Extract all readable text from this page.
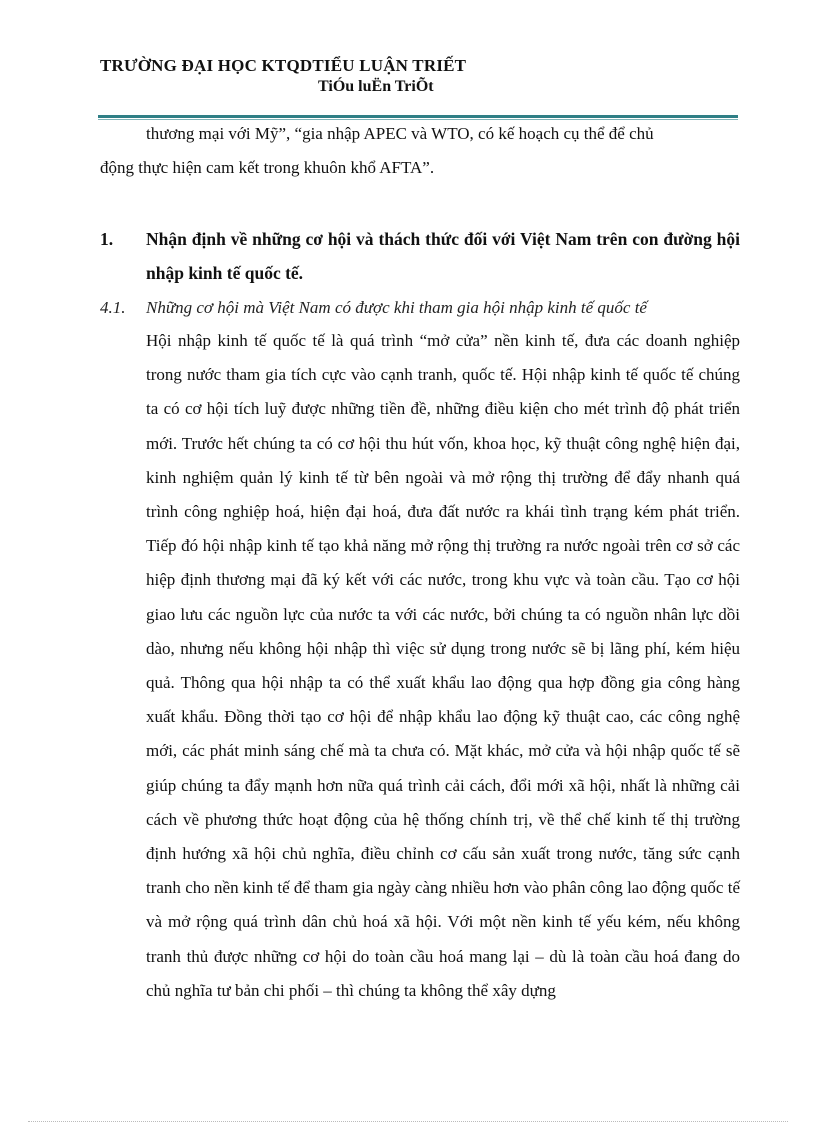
TRƯỜNG ĐẠI HỌC KTQDTIỂU LUẬN TRIẾT
TiÓu luËn TriÕt
thương mại với Mỹ”, “gia nhập APEC và WTO, có kế hoạch cụ thể để chủ
động thực hiện cam kết trong khuôn khổ AFTA”.
1. Nhận định về những cơ hội và thách thức đối với Việt Nam trên con đường hội nhập kinh tế quốc tế.
4.1. Những cơ hội mà Việt Nam có được khi tham gia hội nhập kinh tế quốc tế
Hội nhập kinh tế quốc tế là quá trình “mở cửa” nền kinh tế, đưa các doanh nghiệp trong nước tham gia tích cực vào cạnh tranh, quốc tế. Hội nhập kinh tế quốc tế chúng ta có cơ hội tích luỹ được những tiền đề, những điều kiện cho mét trình độ phát triển mới. Trước hết chúng ta có cơ hội thu hút vốn, khoa học, kỹ thuật công nghệ hiện đại, kinh nghiệm quản lý kinh tế từ bên ngoài và mở rộng thị trường để đẩy nhanh quá trình công nghiệp hoá, hiện đại hoá, đưa đất nước ra khái tình trạng kém phát triển. Tiếp đó hội nhập kinh tế tạo khả năng mở rộng thị trường ra nước ngoài trên cơ sở các hiệp định thương mại đã ký kết với các nước, trong khu vực và toàn cầu. Tạo cơ hội giao lưu các nguồn lực của nước ta với các nước, bởi chúng ta có nguồn nhân lực dồi dào, nhưng nếu không hội nhập thì việc sử dụng trong nước sẽ bị lãng phí, kém hiệu quả. Thông qua hội nhập ta có thể xuất khẩu lao động qua hợp đồng gia công hàng xuất khẩu. Đồng thời tạo cơ hội để nhập khẩu lao động kỹ thuật cao, các công nghệ mới, các phát minh sáng chế mà ta chưa có. Mặt khác, mở cửa và hội nhập quốc tế sẽ giúp chúng ta đẩy mạnh hơn nữa quá trình cải cách, đổi mới xã hội, nhất là những cải cách về phương thức hoạt động của hệ thống chính trị, về thể chế kinh tế thị trường định hướng xã hội chủ nghĩa, điều chỉnh cơ cấu sản xuất trong nước, tăng sức cạnh tranh cho nền kinh tế để tham gia ngày càng nhiều hơn vào phân công lao động quốc tế và mở rộng quá trình dân chủ hoá xã hội. Với một nền kinh tế yếu kém, nếu không tranh thủ được những cơ hội do toàn cầu hoá mang lại – dù là toàn cầu hoá đang do chủ nghĩa tư bản chi phối – thì chúng ta không thể xây dựng
